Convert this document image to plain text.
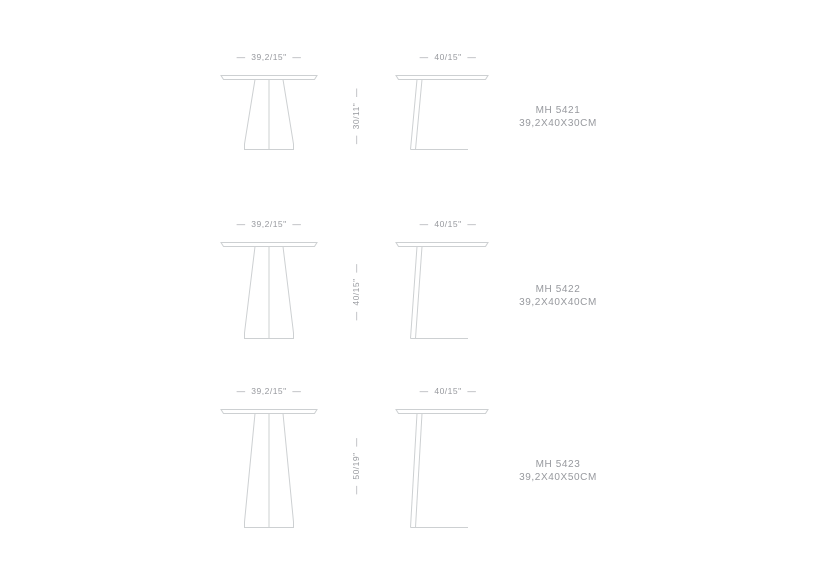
—  39,2/15"  —	—  40/15"  —
—  30/11"  —	MH 5421
39,2X40X30CM
—  39,2/15"  —	—  40/15"  —
—  40/15"  —	MH 5422
39,2X40X40CM
—  39,2/15"  —	—  40/15"  —
—  50/19"  —	MH 5423
39,2X40X50CM
